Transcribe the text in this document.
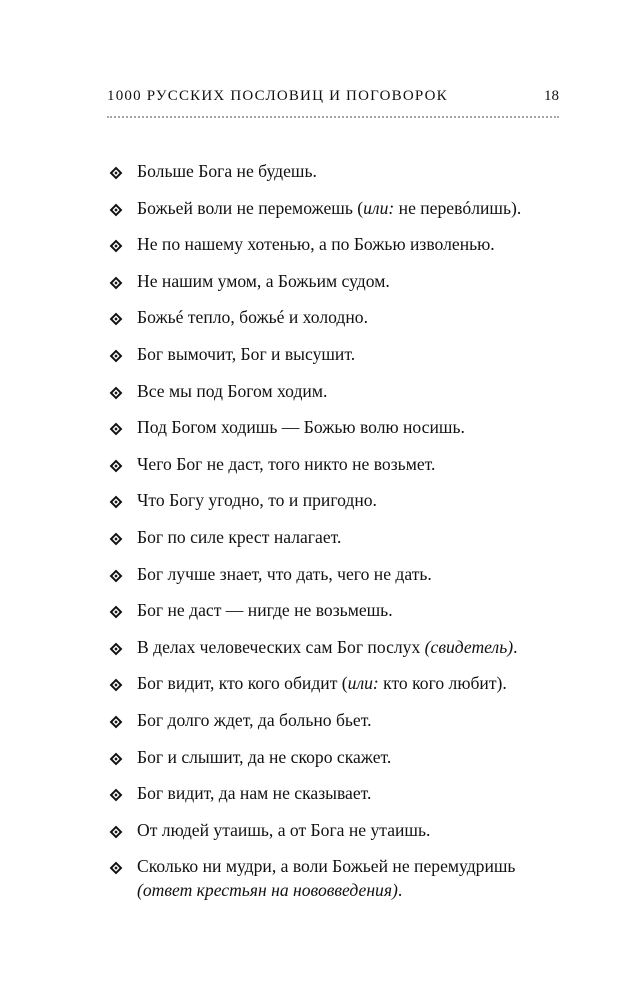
1000 РУССКИХ ПОСЛОВИЦ И ПОГОВОРОК	18
Больше Бога не будешь.
Божьей воли не переможешь (или: не перевóлишь).
Не по нашему хотенью, а по Божью изволенью.
Не нашим умом, а Божьим судом.
Божьé тепло, божьé и холодно.
Бог вымочит, Бог и высушит.
Все мы под Богом ходим.
Под Богом ходишь — Божью волю носишь.
Чего Бог не даст, того никто не возьмет.
Что Богу угодно, то и пригодно.
Бог по силе крест налагает.
Бог лучше знает, что дать, чего не дать.
Бог не даст — нигде не возьмешь.
В делах человеческих сам Бог послух (свидетель).
Бог видит, кто кого обидит (или: кто кого любит).
Бог долго ждет, да больно бьет.
Бог и слышит, да не скоро скажет.
Бог видит, да нам не сказывает.
От людей утаишь, а от Бога не утаишь.
Сколько ни мудри, а воли Божьей не перемудришь
(ответ крестьян на нововведения).
